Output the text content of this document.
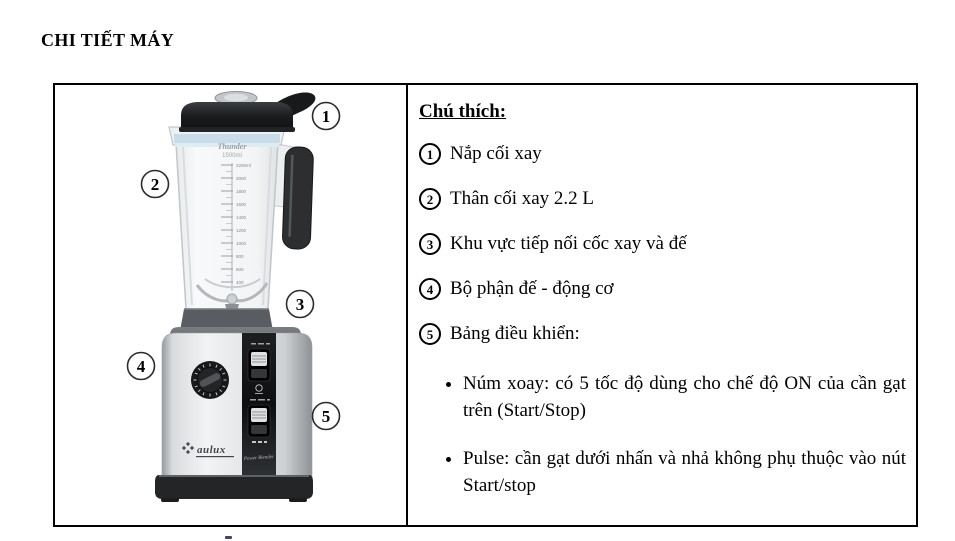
CHI TIẾT MÁY
Thunder
1500ml
2200ml
2000
1800
1600
1400
1200
1000
800
600
400
Power Blender
aulux
1
2
3
4
5
Chú thích:
1 Nắp cối xay
2 Thân cối xay 2.2 L
3 Khu vực tiếp nối cốc xay và đế
4 Bộ phận đế - động cơ
5 Bảng điều khiển:
• Núm xoay: có 5 tốc độ dùng cho chế độ ON của cần gạt trên (Start/Stop)
• Pulse: cần gạt dưới nhấn và nhả không phụ thuộc vào nút Start/stop
